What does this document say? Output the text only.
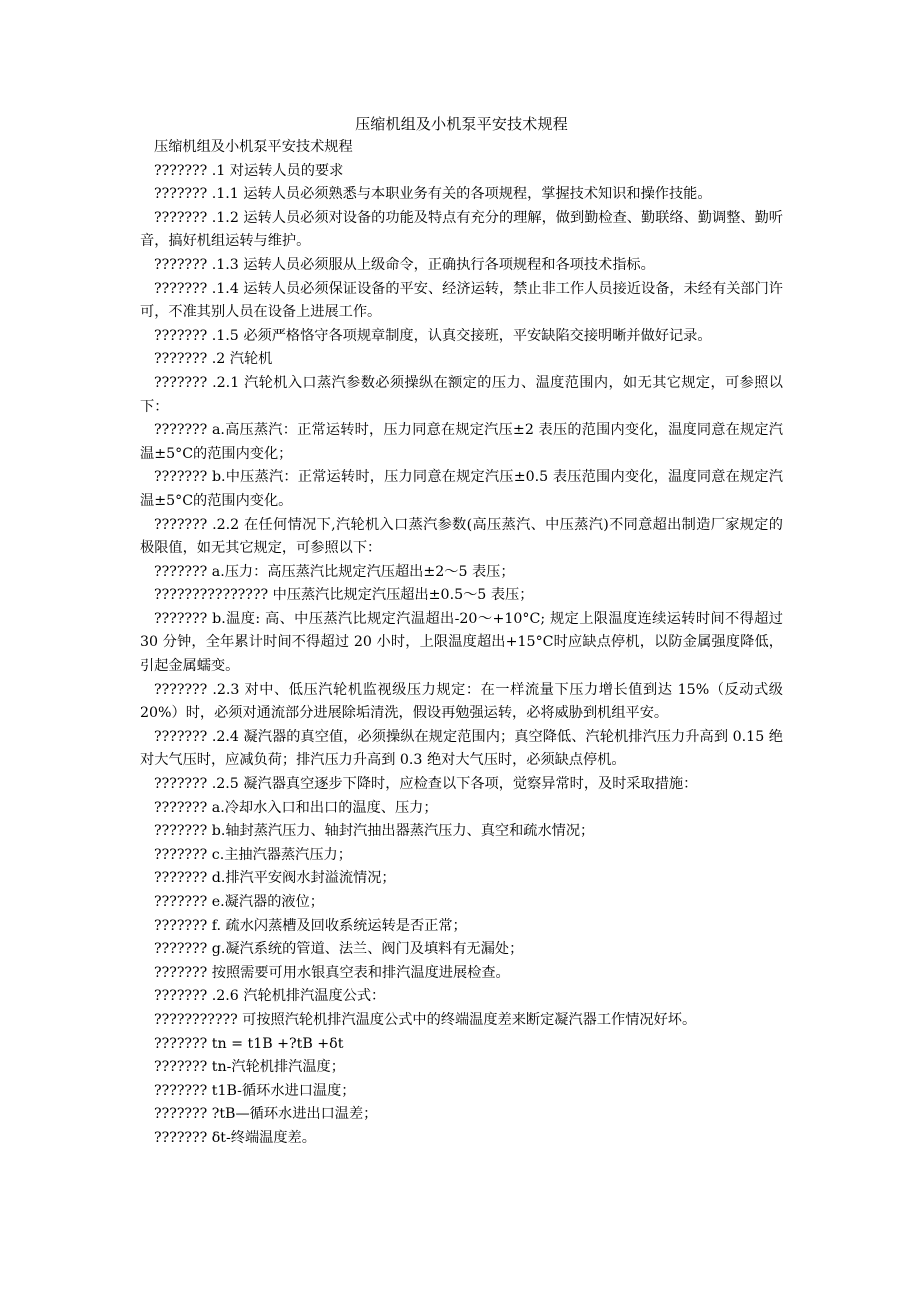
压缩机组及小机泵平安技术规程

压缩机组及小机泵平安技术规程

??????? .1 对运转人员的要求

??????? .1.1 运转人员必须熟悉与本职业务有关的各项规程，掌握技术知识和操作技能。

??????? .1.2 运转人员必须对设备的功能及特点有充分的理解，做到勤检查、勤联络、勤调整、勤听音，搞好机组运转与维护。

??????? .1.3 运转人员必须服从上级命令，正确执行各项规程和各项技术指标。

??????? .1.4 运转人员必须保证设备的平安、经济运转，禁止非工作人员接近设备，未经有关部门许可，不准其别人员在设备上进展工作。

??????? .1.5 必须严格恪守各项规章制度，认真交接班，平安缺陷交接明晰并做好记录。

??????? .2 汽轮机

??????? .2.1 汽轮机入口蒸汽参数必须操纵在额定的压力、温度范围内，如无其它规定，可参照以下：

??????? a.高压蒸汽：正常运转时，压力同意在规定汽压±2 表压的范围内变化，温度同意在规定汽温±5°C的范围内变化；

??????? b.中压蒸汽：正常运转时，压力同意在规定汽压±0.5 表压范围内变化，温度同意在规定汽温±5°C的范围内变化。

??????? .2.2 在任何情况下,汽轮机入口蒸汽参数(高压蒸汽、中压蒸汽)不同意超出制造厂家规定的极限值，如无其它规定，可参照以下：

??????? a.压力：高压蒸汽比规定汽压超出±2～5 表压；

??????????????? 中压蒸汽比规定汽压超出±0.5～5 表压；

??????? b.温度: 高、中压蒸汽比规定汽温超出-20～+10°C; 规定上限温度连续运转时间不得超过 30 分钟，全年累计时间不得超过 20 小时，上限温度超出+15°C时应缺点停机，以防金属强度降低，引起金属蠕变。

??????? .2.3 对中、低压汽轮机监视级压力规定：在一样流量下压力增长值到达 15%（反动式级 20%）时，必须对通流部分进展除垢清洗，假设再勉强运转，必将威胁到机组平安。

??????? .2.4 凝汽器的真空值，必须操纵在规定范围内；真空降低、汽轮机排汽压力升高到 0.15 绝对大气压时，应减负荷；排汽压力升高到 0.3 绝对大气压时，必须缺点停机。

??????? .2.5 凝汽器真空逐步下降时，应检查以下各项，觉察异常时，及时采取措施：

??????? a.冷却水入口和出口的温度、压力；

??????? b.轴封蒸汽压力、轴封汽抽出器蒸汽压力、真空和疏水情况；

??????? c.主抽汽器蒸汽压力；

??????? d.排汽平安阀水封溢流情况；

??????? e.凝汽器的液位；

??????? f. 疏水闪蒸槽及回收系统运转是否正常；

??????? g.凝汽系统的管道、法兰、阀门及填料有无漏处；

??????? 按照需要可用水银真空表和排汽温度进展检查。

??????? .2.6 汽轮机排汽温度公式：

??????????? 可按照汽轮机排汽温度公式中的终端温度差来断定凝汽器工作情况好坏。

??????? tn = t1B +?tB +δt

??????? tn-汽轮机排汽温度；

??????? t1B-循环水进口温度；

??????? ?tB—循环水进出口温差；

??????? δt-终端温度差。
